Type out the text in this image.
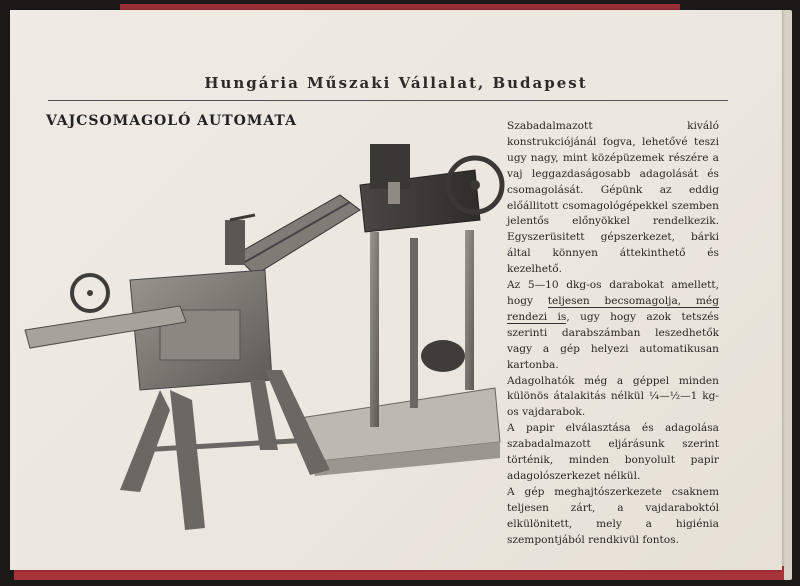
Hungária Műszaki Vállalat, Budapest
VAJCSOMAGOLÓ AUTOMATA	Szabadalmazott kiváló konstrukciójánál fogva, lehetővé teszi ugy nagy, mint középüzemek részére a vaj leggazdaságosabb adagolását és csomagolását. Gépünk az eddig előállitott csomagológépekkel szemben jelentős előnyökkel rendelkezik. Egyszerüsitett gépszerkezet, bárki által könnyen áttekinthető és kezelhető.

Az 5—10 dkg-os darabokat amellett, hogy teljesen becsomagolja, még rendezi is, ugy hogy azok tetszés szerinti darabszámban leszedhetők vagy a gép helyezi automatikusan kartonba.

Adagolhatók még a géppel minden különös átalakitás nélkül ¼—½—1 kg-os vajdarabok.

A papir elválasztása és adagolása szabadalmazott eljárásunk szerint történik, minden bonyolult papir adagolószerkezet nélkül.

A gép meghajtószerkezete csaknem teljesen zárt, a vajdaraboktól elkülönitett, mely a higiénia szempontjából rendkivül fontos.
